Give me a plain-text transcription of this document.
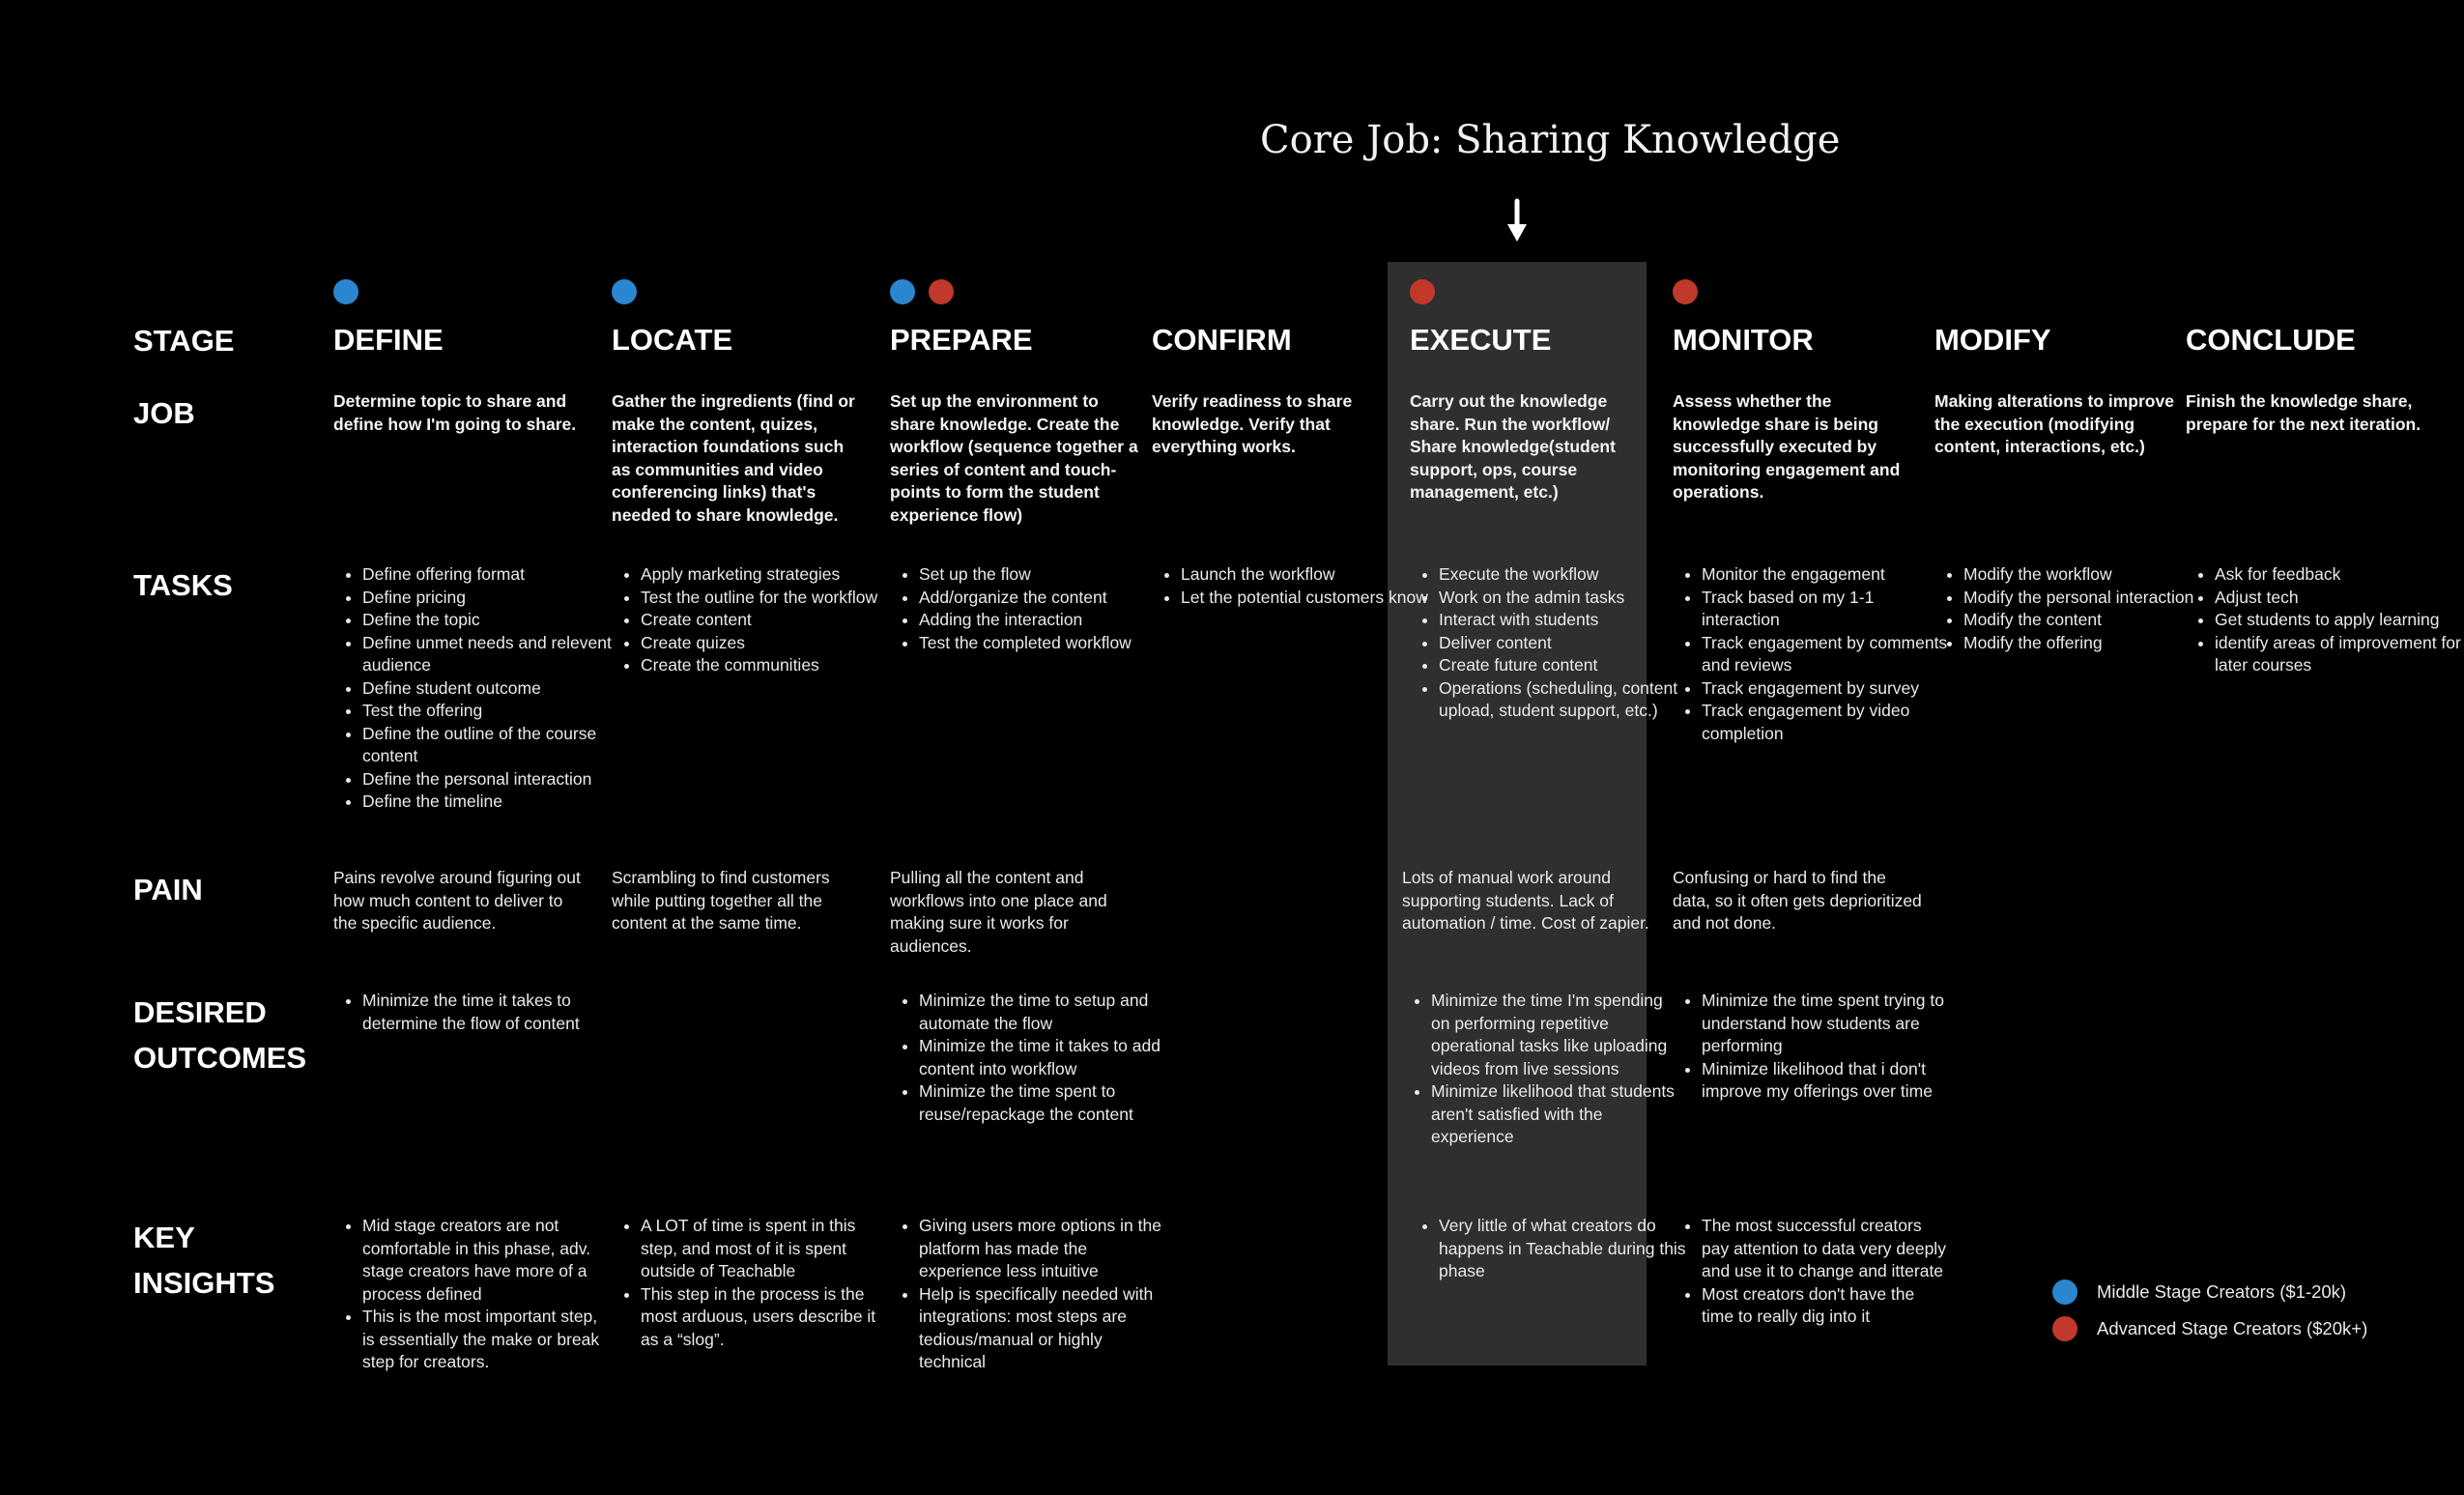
Core Job: Sharing Knowledge
STAGE
JOB
TASKS
PAIN
DESIRED
OUTCOMES
KEY
INSIGHTS
DEFINE
Determine topic to share and define how I'm going to share.
• Define offering format
• Define pricing
• Define the topic
• Define unmet needs and relevent audience
• Define student outcome
• Test the offering
• Define the outline of the course content
• Define the personal interaction
• Define the timeline
Pains revolve around figuring out how much content to deliver to the specific audience.
• Minimize the time it takes to determine the flow of content
• Mid stage creators are not comfortable in this phase, adv. stage creators have more of a process defined
• This is the most important step, is essentially the make or break step for creators.
LOCATE
Gather the ingredients (find or make the content, quizes, interaction foundations such as communities and video conferencing links) that's needed to share knowledge.
• Apply marketing strategies
• Test the outline for the workflow
• Create content
• Create quizes
• Create the communities
Scrambling to find customers while putting together all the content at the same time.
• A LOT of time is spent in this step, and most of it is spent outside of Teachable
• This step in the process is the most arduous, users describe it as a “slog”.
PREPARE
Set up the environment to share knowledge. Create the workflow (sequence together a series of content and touch-points to form the student experience flow)
• Set up the flow
• Add/organize the content
• Adding the interaction
• Test the completed workflow
Pulling all the content and workflows into one place and making sure it works for audiences.
• Minimize the time to setup and automate the flow
• Minimize the time it takes to add content into workflow
• Minimize the time spent to reuse/repackage the content
• Giving users more options in the platform has made the experience less intuitive
• Help is specifically needed with integrations: most steps are tedious/manual or highly technical
CONFIRM
Verify readiness to share knowledge. Verify that everything works.
• Launch the workflow
• Let the potential customers know
EXECUTE
Carry out the knowledge share. Run the workflow/ Share knowledge(student support, ops, course management, etc.)
• Execute the workflow
• Work on the admin tasks
• Interact with students
• Deliver content
• Create future content
• Operations (scheduling, content upload, student support, etc.)
Lots of manual work around supporting students. Lack of automation / time. Cost of zapier.
• Minimize the time I'm spending on performing repetitive operational tasks like uploading videos from live sessions
• Minimize likelihood that students aren't satisfied with the experience
• Very little of what creators do happens in Teachable during this phase
MONITOR
Assess whether the knowledge share is being successfully executed by monitoring engagement and operations.
• Monitor the engagement
• Track based on my 1-1 interaction
• Track engagement by comments and reviews
• Track engagement by survey
• Track engagement by video completion
Confusing or hard to find the data, so it often gets deprioritized and not done.
• Minimize the time spent trying to understand how students are performing
• Minimize likelihood that i don't improve my offerings over time
• The most successful creators pay attention to data very deeply and use it to change and itterate
• Most creators don't have the time to really dig into it
MODIFY
Making alterations to improve the execution (modifying content, interactions, etc.)
• Modify the workflow
• Modify the personal interaction
• Modify the content
• Modify the offering
CONCLUDE
Finish the knowledge share, prepare for the next iteration.
• Ask for feedback
• Adjust tech
• Get students to apply learning
• identify areas of improvement for later courses
Middle Stage Creators ($1-20k)
Advanced Stage Creators ($20k+)
